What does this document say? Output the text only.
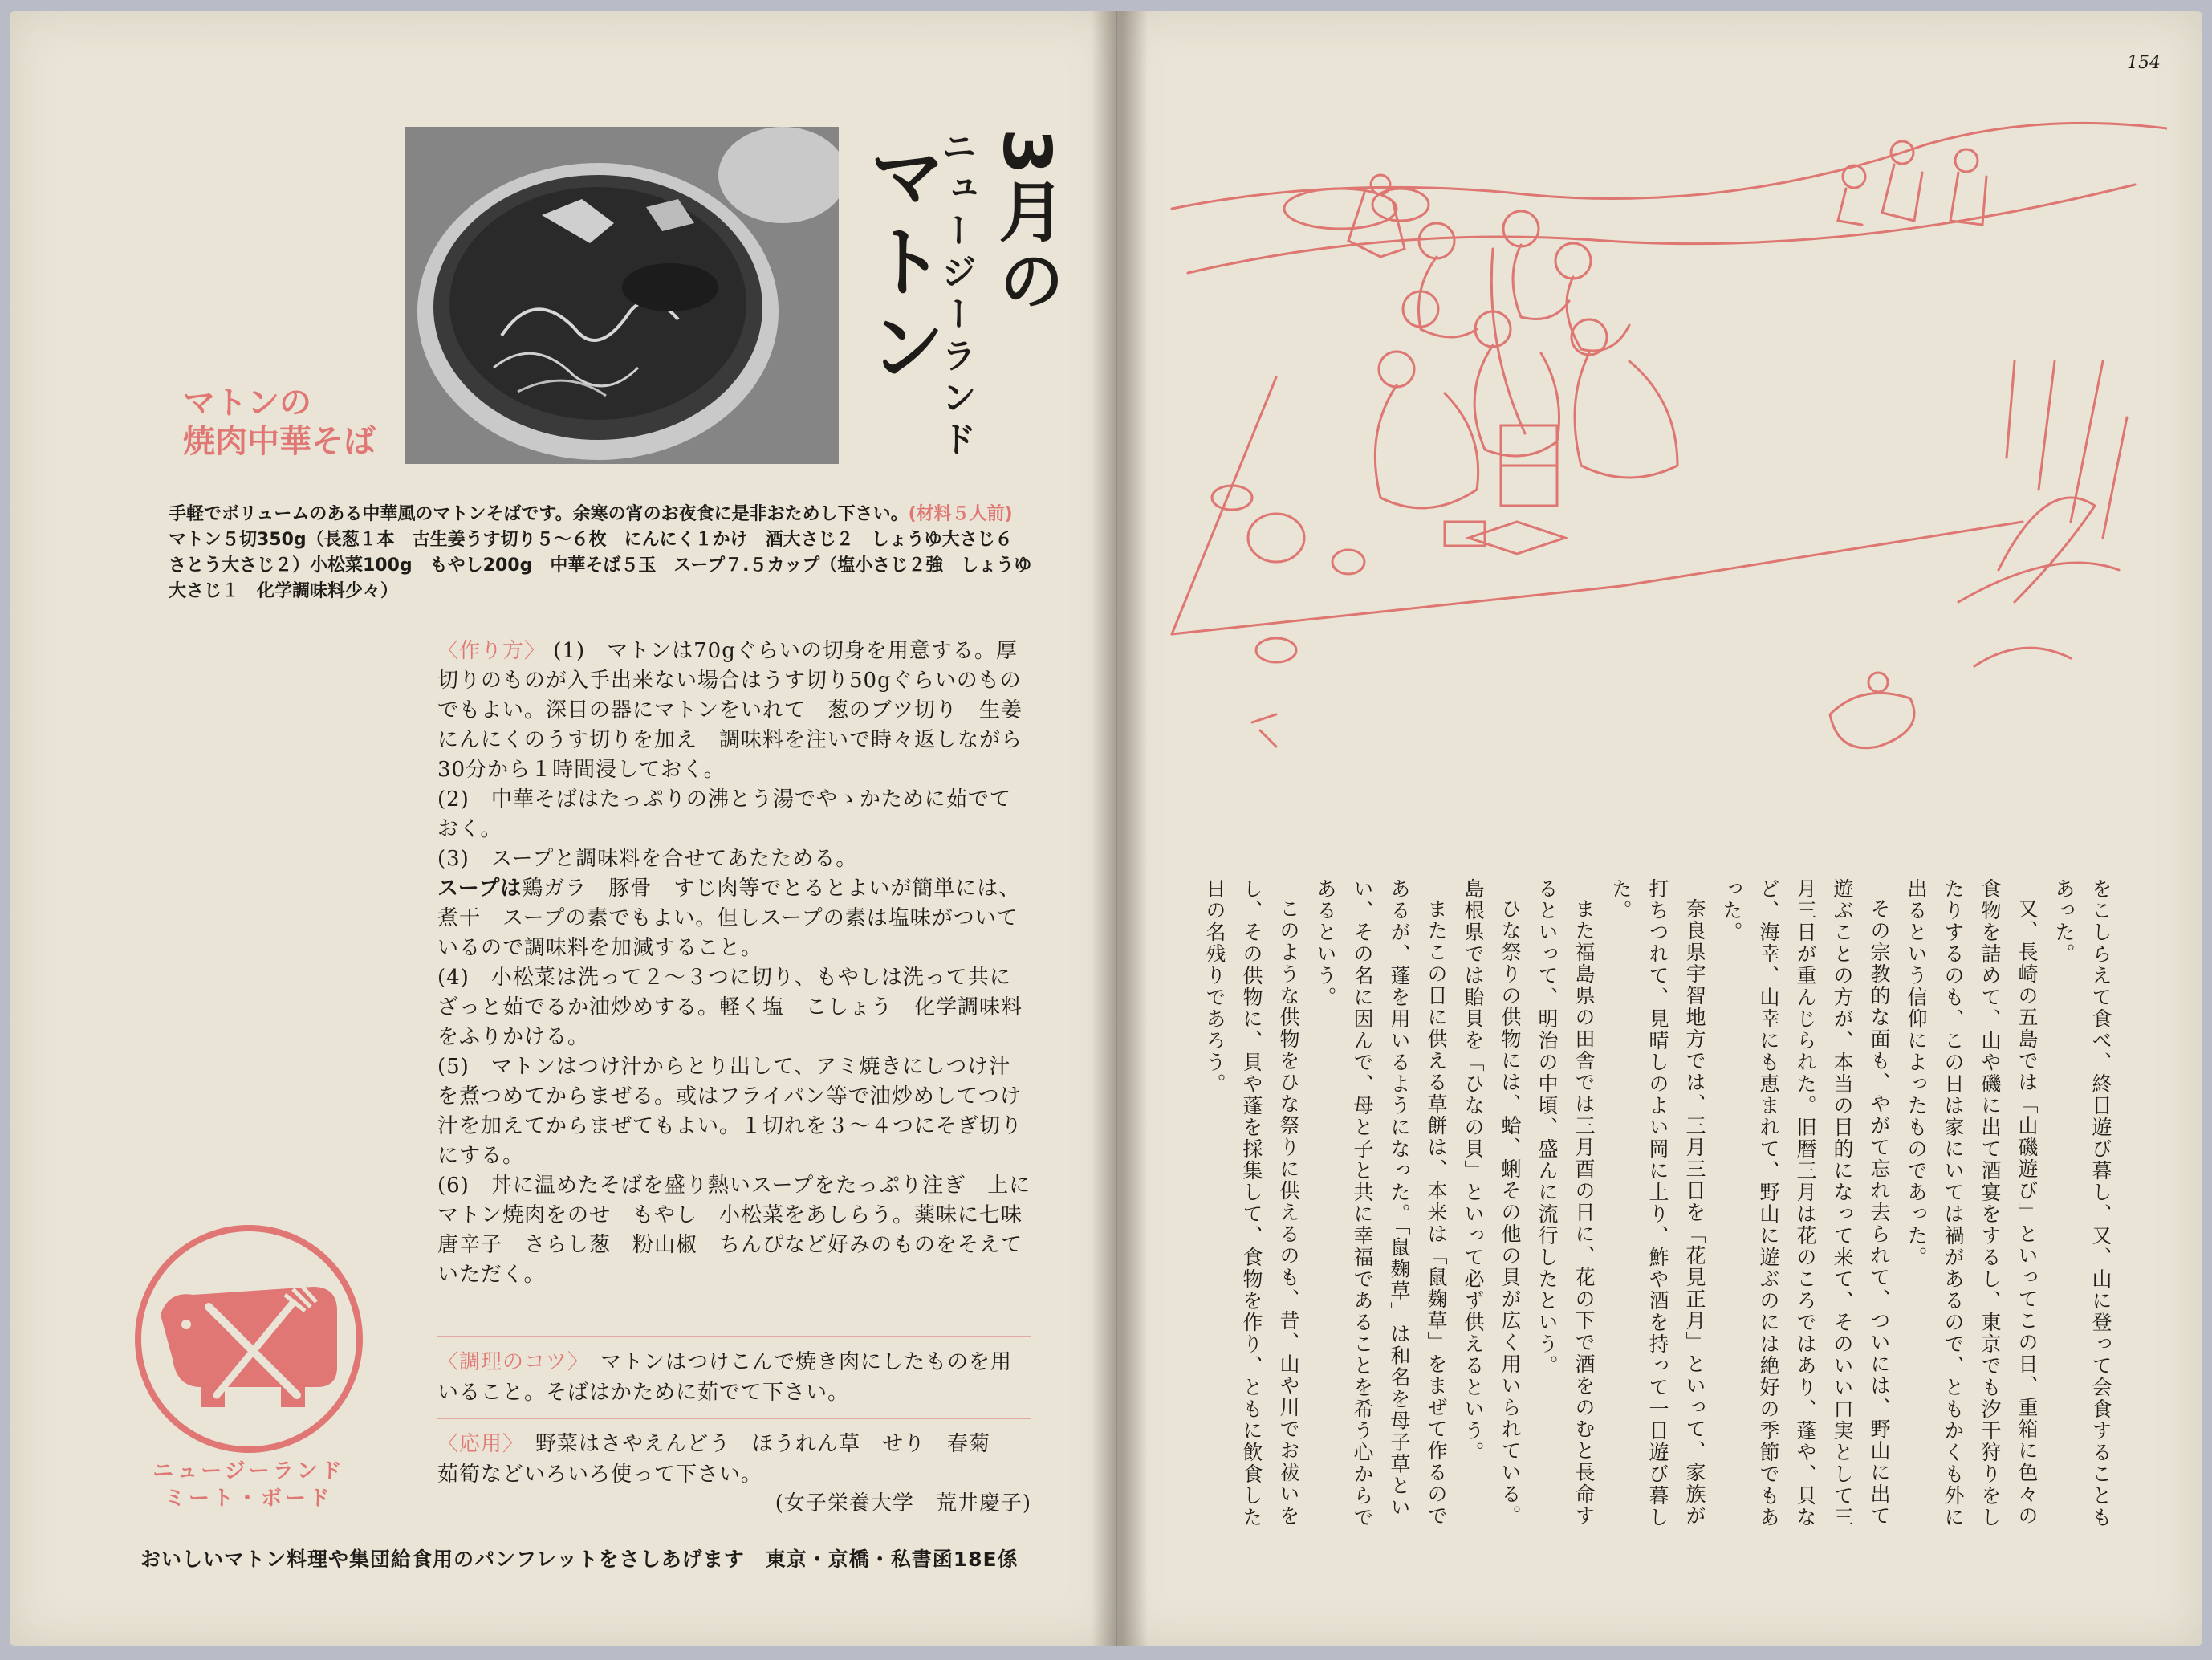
3月の
ニュージーランド
マトン
マトンの
焼肉中華そば
手軽でボリュームのある中華風のマトンそばです。余寒の宵のお夜食に是非おためし下さい。(材料５人前)
マトン５切350g（長葱１本　古生姜うす切り５～６枚　にんにく１かけ　酒大さじ２　しょうゆ大さじ６　さとう大さじ２）小松菜100g　もやし200g　中華そば５玉　スープ７.５カップ（塩小さじ２強　しょうゆ大さじ１　化学調味料少々）

〈作り方〉 (1)　マトンは70gぐらいの切身を用意する。厚切りのものが入手出来ない場合はうす切り50gぐらいのものでもよい。深目の器にマトンをいれて　葱のブツ切り　生姜　にんにくのうす切りを加え　調味料を注いで時々返しながら30分から１時間浸しておく。

(2)　中華そばはたっぷりの沸とう湯でやゝかために茹でておく。

(3)　スープと調味料を合せてあたためる。

スープは鶏ガラ　豚骨　すじ肉等でとるとよいが簡単には、煮干　スープの素でもよい。但しスープの素は塩味がついているので調味料を加減すること。

(4)　小松菜は洗って２～３つに切り、もやしは洗って共にざっと茹でるか油炒めする。軽く塩　こしょう　化学調味料をふりかける。

(5)　マトンはつけ汁からとり出して、アミ焼きにしつけ汁を煮つめてからまぜる。或はフライパン等で油炒めしてつけ汁を加えてからまぜてもよい。１切れを３～４つにそぎ切りにする。

(6)　丼に温めたそばを盛り熱いスープをたっぷり注ぎ　上にマトン焼肉をのせ　もやし　小松菜をあしらう。薬味に七味唐辛子　さらし葱　粉山椒　ちんぴなど好みのものをそえていただく。

〈調理のコツ〉　マトンはつけこんで焼き肉にしたものを用いること。そばはかために茹でて下さい。
〈応用〉　野菜はさやえんどう　ほうれん草　せり　春菊　茹筍などいろいろ使って下さい。
(女子栄養大学　荒井慶子)
ニュージーランド
ミート・ボード
おいしいマトン料理や集団給食用のパンフレットをさしあげます　東京・京橋・私書函18E係
154

をこしらえて食べ、終日遊び暮し、又、山に登って会食することもあった。

又、長崎の五島では「山磯遊び」といってこの日、重箱に色々の食物を詰めて、山や磯に出て酒宴をするし、東京でも汐干狩りをしたりするのも、この日は家にいては禍があるので、ともかくも外に出るという信仰によったものであった。

その宗教的な面も、やがて忘れ去られて、ついには、野山に出て遊ぶことの方が、本当の目的になって来て、そのいい口実として三月三日が重んじられた。旧暦三月は花のころではあり、蓬や、貝など、海幸、山幸にも恵まれて、野山に遊ぶのには絶好の季節でもあった。

奈良県宇智地方では、三月三日を「花見正月」といって、家族が打ちつれて、見晴しのよい岡に上り、鮓や酒を持って一日遊び暮した。

また福島県の田舎では三月酉の日に、花の下で酒をのむと長命するといって、明治の中頃、盛んに流行したという。

ひな祭りの供物には、蛤、蜊その他の貝が広く用いられている。島根県では貽貝を「ひなの貝」といって必ず供えるという。

またこの日に供える草餅は、本来は「鼠麹草」をまぜて作るのであるが、蓬を用いるようになった。「鼠麹草」は和名を母子草といい、その名に因んで、母と子と共に幸福であることを希う心からであるという。

このような供物をひな祭りに供えるのも、昔、山や川でお祓いをし、その供物に、貝や蓬を採集して、食物を作り、ともに飲食した日の名残りであろう。
